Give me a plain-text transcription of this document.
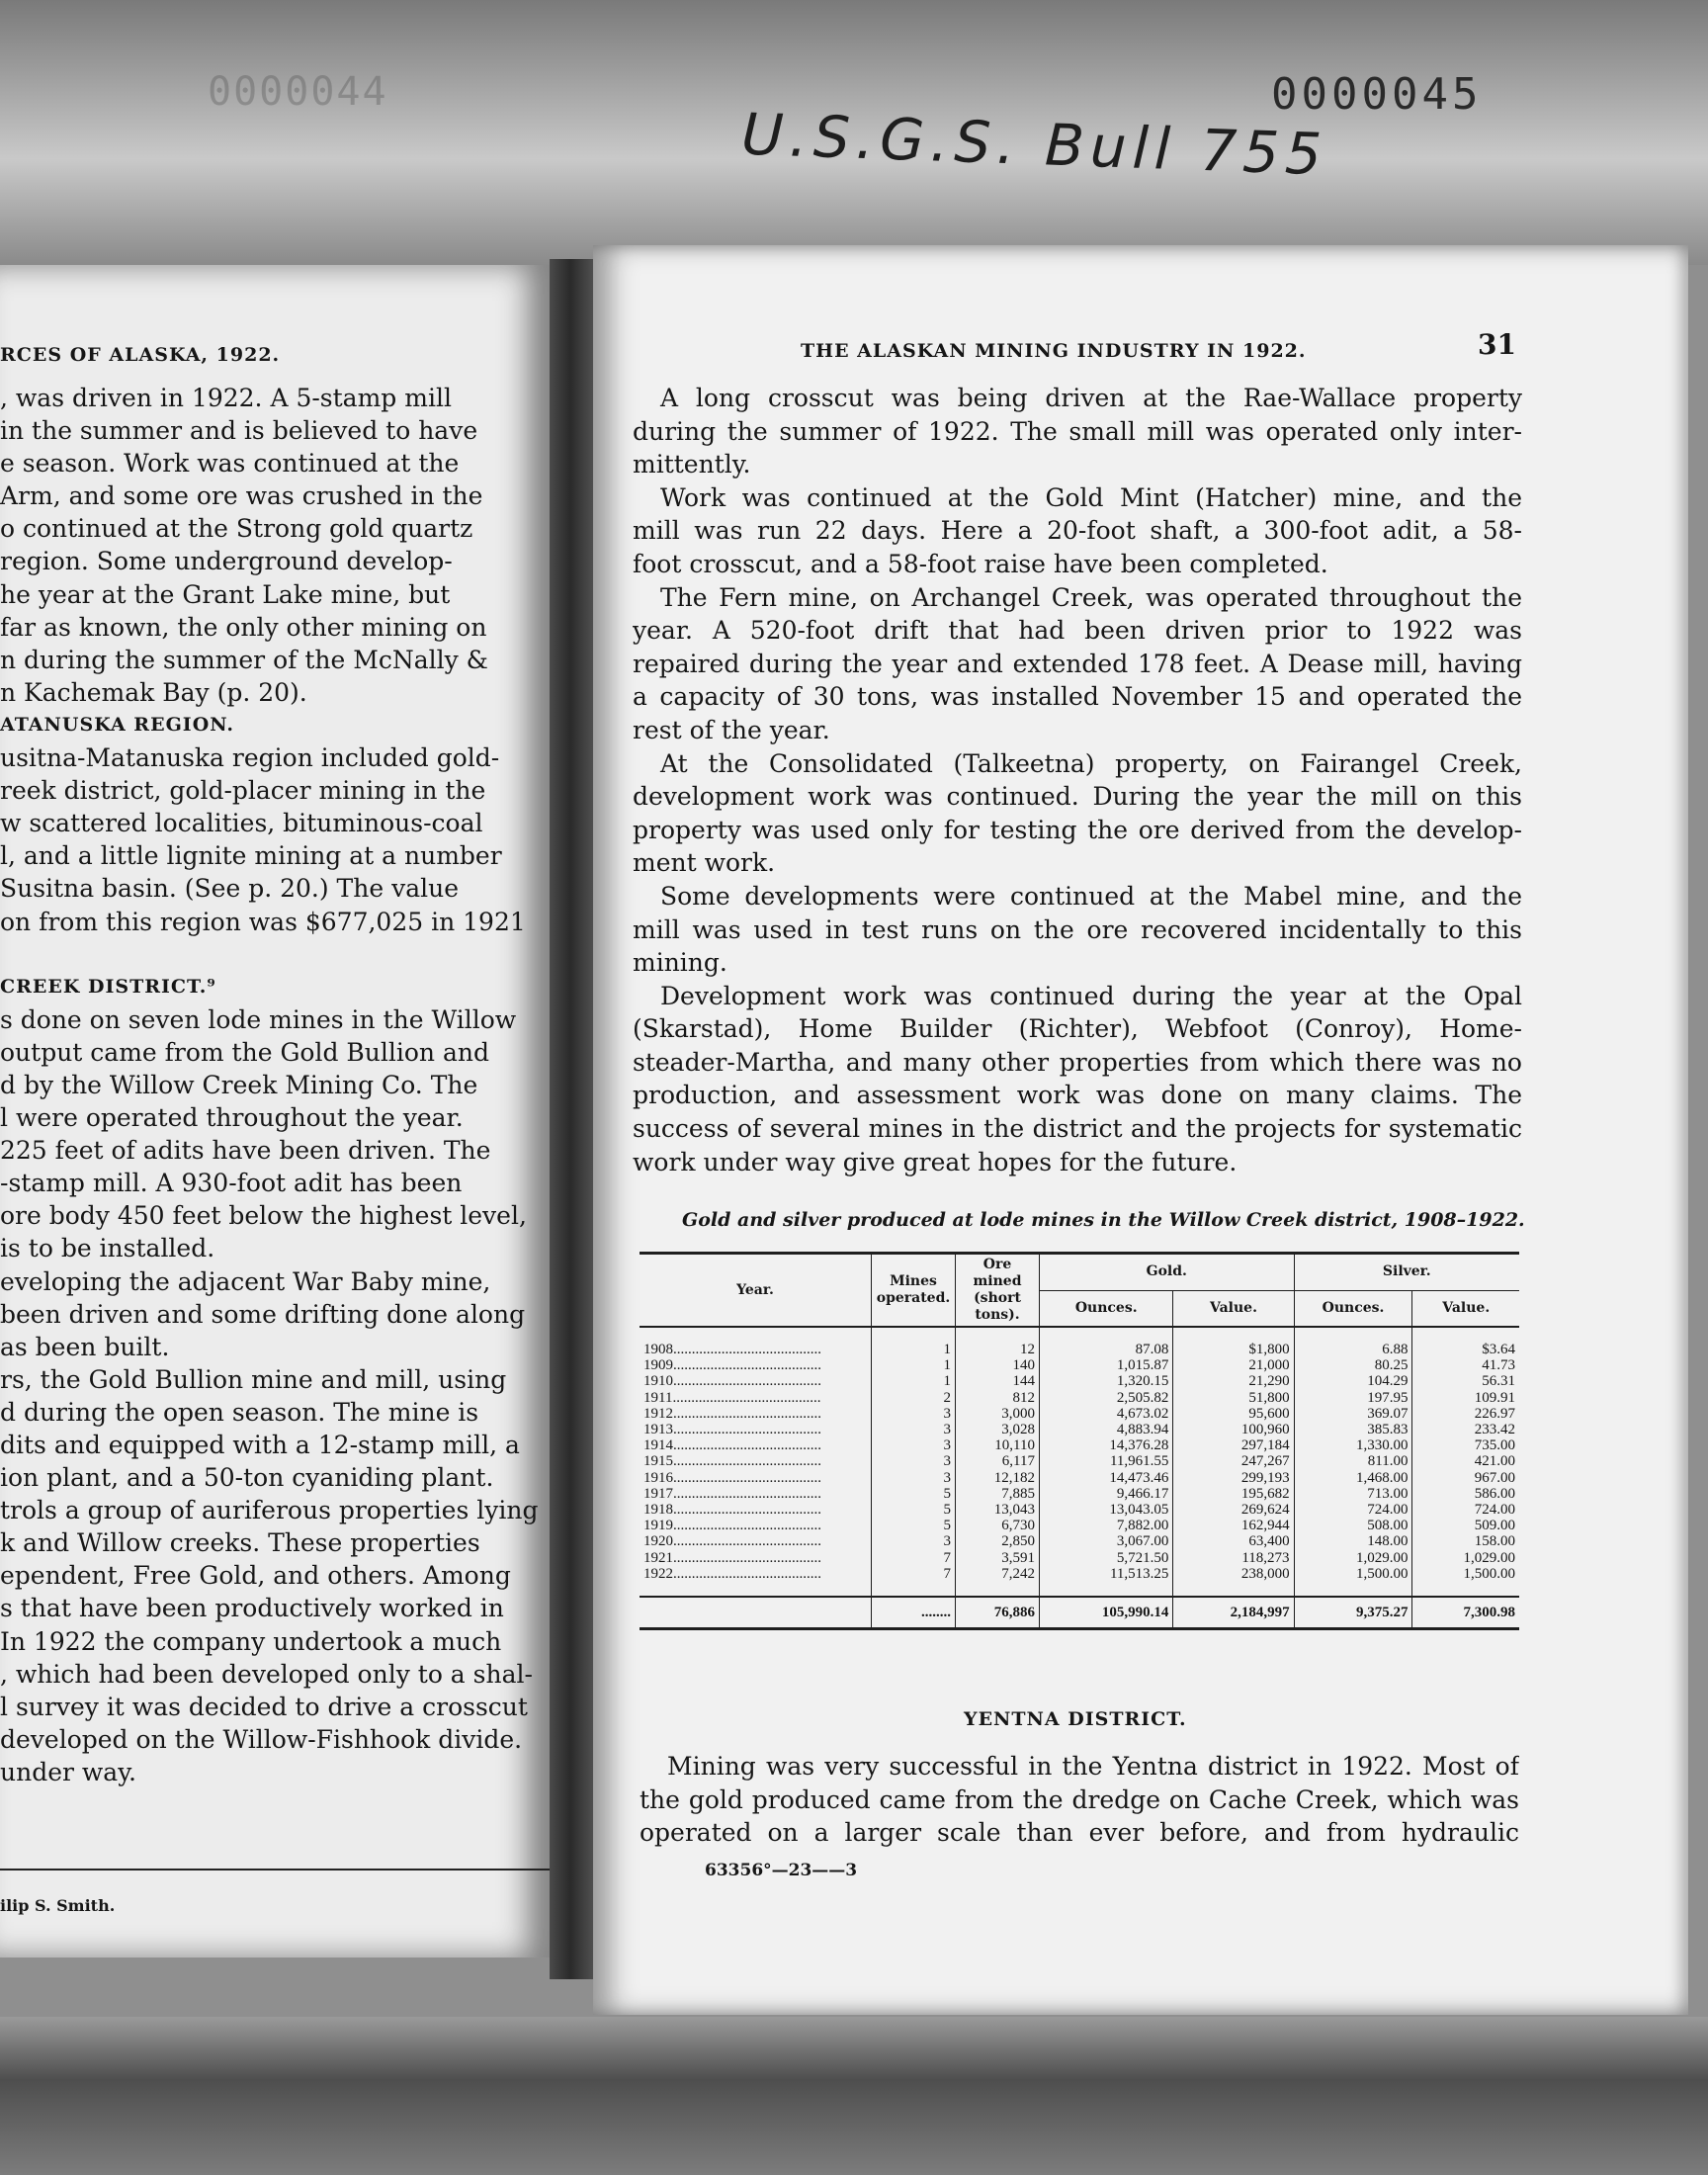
0000044	0000045
U.S.G.S. Bull 755
RCES OF ALASKA, 1922.
, was driven in 1922. A 5-stamp mill
in the summer and is believed to have
e season. Work was continued at the
Arm, and some ore was crushed in the
o continued at the Strong gold quartz
region. Some underground develop-
he year at the Grant Lake mine, but
far as known, the only other mining on
n during the summer of the McNally &
n Kachemak Bay (p. 20).
ATANUSKA REGION.
usitna-Matanuska region included gold-
reek district, gold-placer mining in the
w scattered localities, bituminous-coal
l, and a little lignite mining at a number
Susitna basin. (See p. 20.) The value
on from this region was $677,025 in 1921
CREEK DISTRICT.⁹
s done on seven lode mines in the Willow
output came from the Gold Bullion and
d by the Willow Creek Mining Co. The
l were operated throughout the year.
225 feet of adits have been driven. The
-stamp mill. A 930-foot adit has been
ore body 450 feet below the highest level,
is to be installed.
eveloping the adjacent War Baby mine,
been driven and some drifting done along
as been built.
rs, the Gold Bullion mine and mill, using
d during the open season. The mine is
dits and equipped with a 12-stamp mill, a
ion plant, and a 50-ton cyaniding plant.
trols a group of auriferous properties lying
k and Willow creeks. These properties
ependent, Free Gold, and others. Among
s that have been productively worked in
In 1922 the company undertook a much
, which had been developed only to a shal-
l survey it was decided to drive a crosscut
developed on the Willow-Fishhook divide.
under way.
ilip S. Smith.
THE ALASKAN MINING INDUSTRY IN 1922.	31
A long crosscut was being driven at the Rae-Wallace property
during the summer of 1922. The small mill was operated only inter-
mittently.
Work was continued at the Gold Mint (Hatcher) mine, and the
mill was run 22 days. Here a 20-foot shaft, a 300-foot adit, a 58-
foot crosscut, and a 58-foot raise have been completed.
The Fern mine, on Archangel Creek, was operated throughout the
year. A 520-foot drift that had been driven prior to 1922 was
repaired during the year and extended 178 feet. A Dease mill, having
a capacity of 30 tons, was installed November 15 and operated the
rest of the year.
At the Consolidated (Talkeetna) property, on Fairangel Creek,
development work was continued. During the year the mill on this
property was used only for testing the ore derived from the develop-
ment work.
Some developments were continued at the Mabel mine, and the
mill was used in test runs on the ore recovered incidentally to this
mining.
Development work was continued during the year at the Opal
(Skarstad), Home Builder (Richter), Webfoot (Conroy), Home-
steader-Martha, and many other properties from which there was no
production, and assessment work was done on many claims. The
success of several mines in the district and the projects for systematic
work under way give great hopes for the future.
Gold and silver produced at lode mines in the Willow Creek district, 1908–1922.
Year.	Mines operated.	Ore mined (short tons).	Gold.		Silver.	
			Ounces.	Value.	Ounces.	Value.

1908........................................	1	12	87.08	$1,800	6.88	$3.64
1909........................................	1	140	1,015.87	21,000	80.25	41.73
1910........................................	1	144	1,320.15	21,290	104.29	56.31
1911........................................	2	812	2,505.82	51,800	197.95	109.91
1912........................................	3	3,000	4,673.02	95,600	369.07	226.97
1913........................................	3	3,028	4,883.94	100,960	385.83	233.42
1914........................................	3	10,110	14,376.28	297,184	1,330.00	735.00
1915........................................	3	6,117	11,961.55	247,267	811.00	421.00
1916........................................	3	12,182	14,473.46	299,193	1,468.00	967.00
1917........................................	5	7,885	9,466.17	195,682	713.00	586.00
1918........................................	5	13,043	13,043.05	269,624	724.00	724.00
1919........................................	5	6,730	7,882.00	162,944	508.00	509.00
1920........................................	3	2,850	3,067.00	63,400	148.00	158.00
1921........................................	7	3,591	5,721.50	118,273	1,029.00	1,029.00
1922........................................	7	7,242	11,513.25	238,000	1,500.00	1,500.00

	........	76,886	105,990.14	2,184,997	9,375.27	7,300.98
YENTNA DISTRICT.
Mining was very successful in the Yentna district in 1922. Most of
the gold produced came from the dredge on Cache Creek, which was
operated on a larger scale than ever before, and from hydraulic
63356°—23——3
